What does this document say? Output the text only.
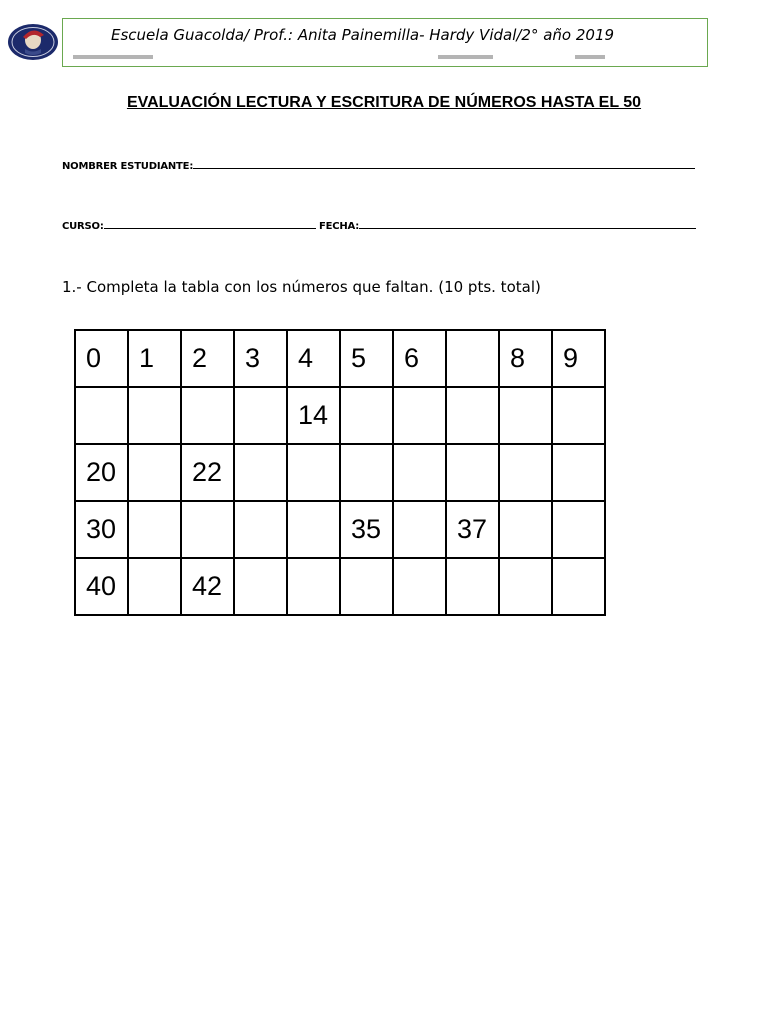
Escuela Guacolda/ Prof.: Anita Painemilla- Hardy Vidal/2° año 2019
EVALUACIÓN LECTURA Y ESCRITURA DE NÚMEROS HASTA EL 50
NOMBRER ESTUDIANTE:
CURSO:	FECHA:
1.- Completa la tabla con los números que faltan. (10 pts. total)
0	1	2	3	4	5	6		8	9

				14					

20		22							

30					35		37		

40		42							
